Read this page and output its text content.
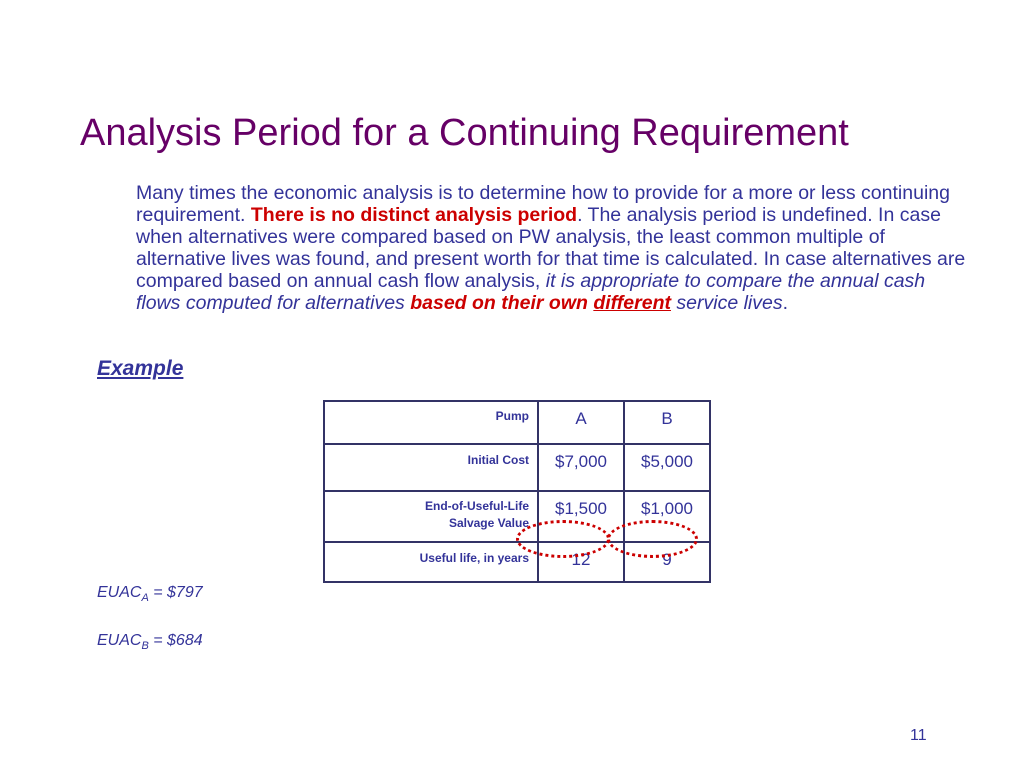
Analysis Period for a Continuing Requirement
Many times the economic analysis is to determine how to provide for a more or less continuing requirement. There is no distinct analysis period. The analysis period is undefined. In case when alternatives were compared based on PW analysis, the least common multiple of alternative lives was found, and present worth for that time is calculated. In case alternatives are compared based on annual cash flow analysis, it is appropriate to compare the annual cash flows computed for alternatives based on their own different service lives.
Example
Pump	A	B
Initial Cost	$7,000	$5,000
End-of-Useful-Life
Salvage Value	$1,500	$1,000
Useful life, in years	12	9
$EUAC_A$ = $797
$EUAC_B$ = $684
11
